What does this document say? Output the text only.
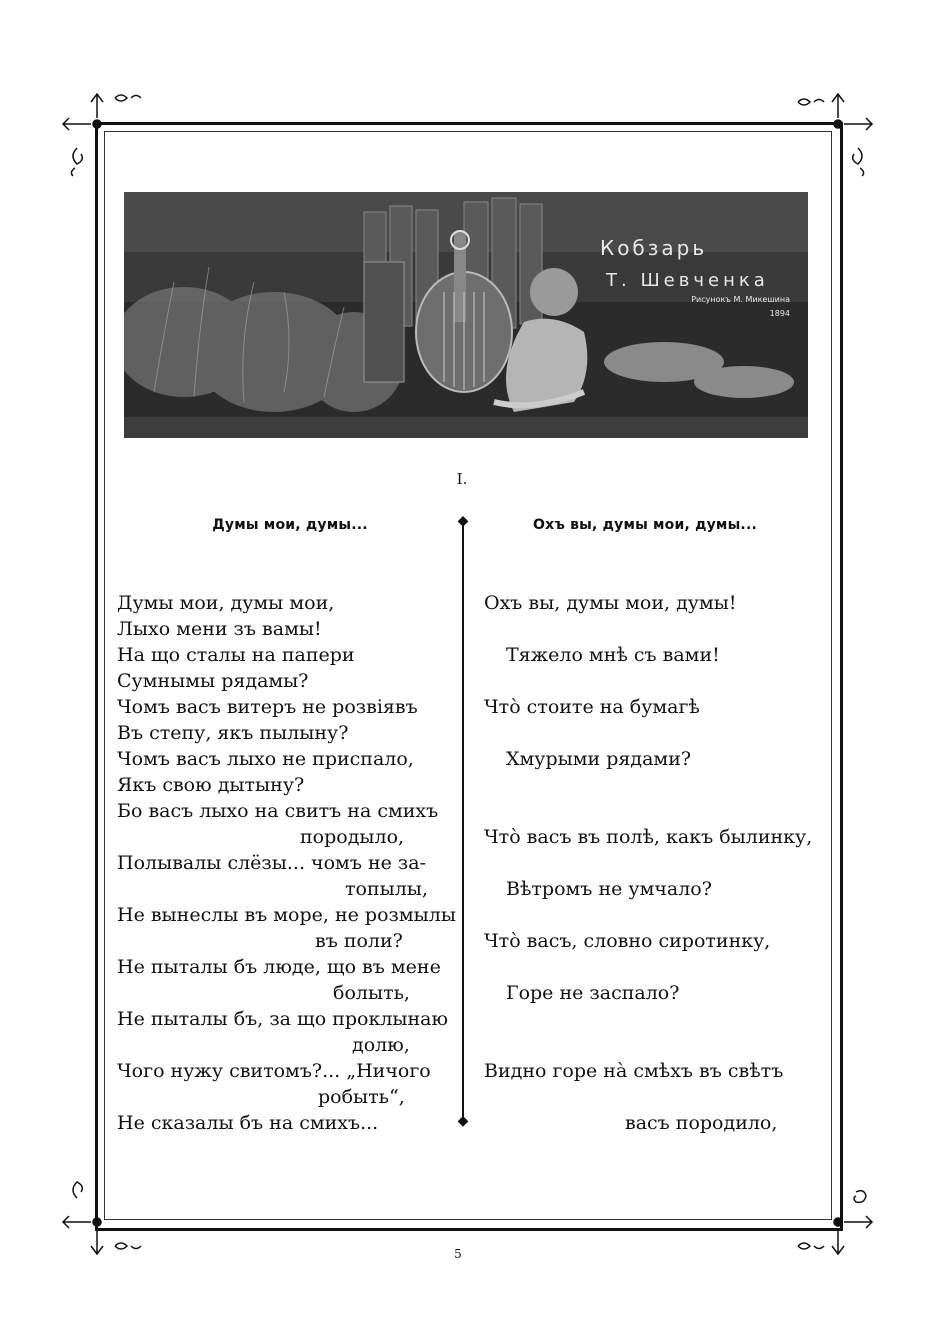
Кобзарь
Т. Шевченка
Рисунокъ М. Микешина
1894
I.
Думы мои, думы...	Охъ вы, думы мои, думы...
◆
◆
Думы мои, думы мои,
Лыхо мени зъ вамы!
На що сталы на папери
Сумнымы рядамы?
Чомъ васъ витеръ не розвіявъ
Въ степу, якъ пылыну?
Чомъ васъ лыхо не приспало,
Якъ свою дытыну?
Бо васъ лыхо на свитъ на смихъ
породыло,
Полывалы слёзы... чомъ не за-
топылы,
Не вынеслы въ море, не розмылы
въ поли?
Не пыталы бъ люде, що въ мене
болыть,
Не пыталы бъ, за що проклынаю
долю,
Чого нужу свитомъ?... „Ничого
робыть“,
Не сказалы бъ на смихъ...
Охъ вы, думы мои, думы!
Тяжело мнѣ съ вами!
Что̀ стоите на бумагѣ
Хмурыми рядами?
Что̀ васъ въ полѣ, какъ былинку,
Вѣтромъ не умчало?
Что̀ васъ, словно сиротинку,
Горе не заспало?
Видно горе на̀ смѣхъ въ свѣтъ
васъ породило,
5
